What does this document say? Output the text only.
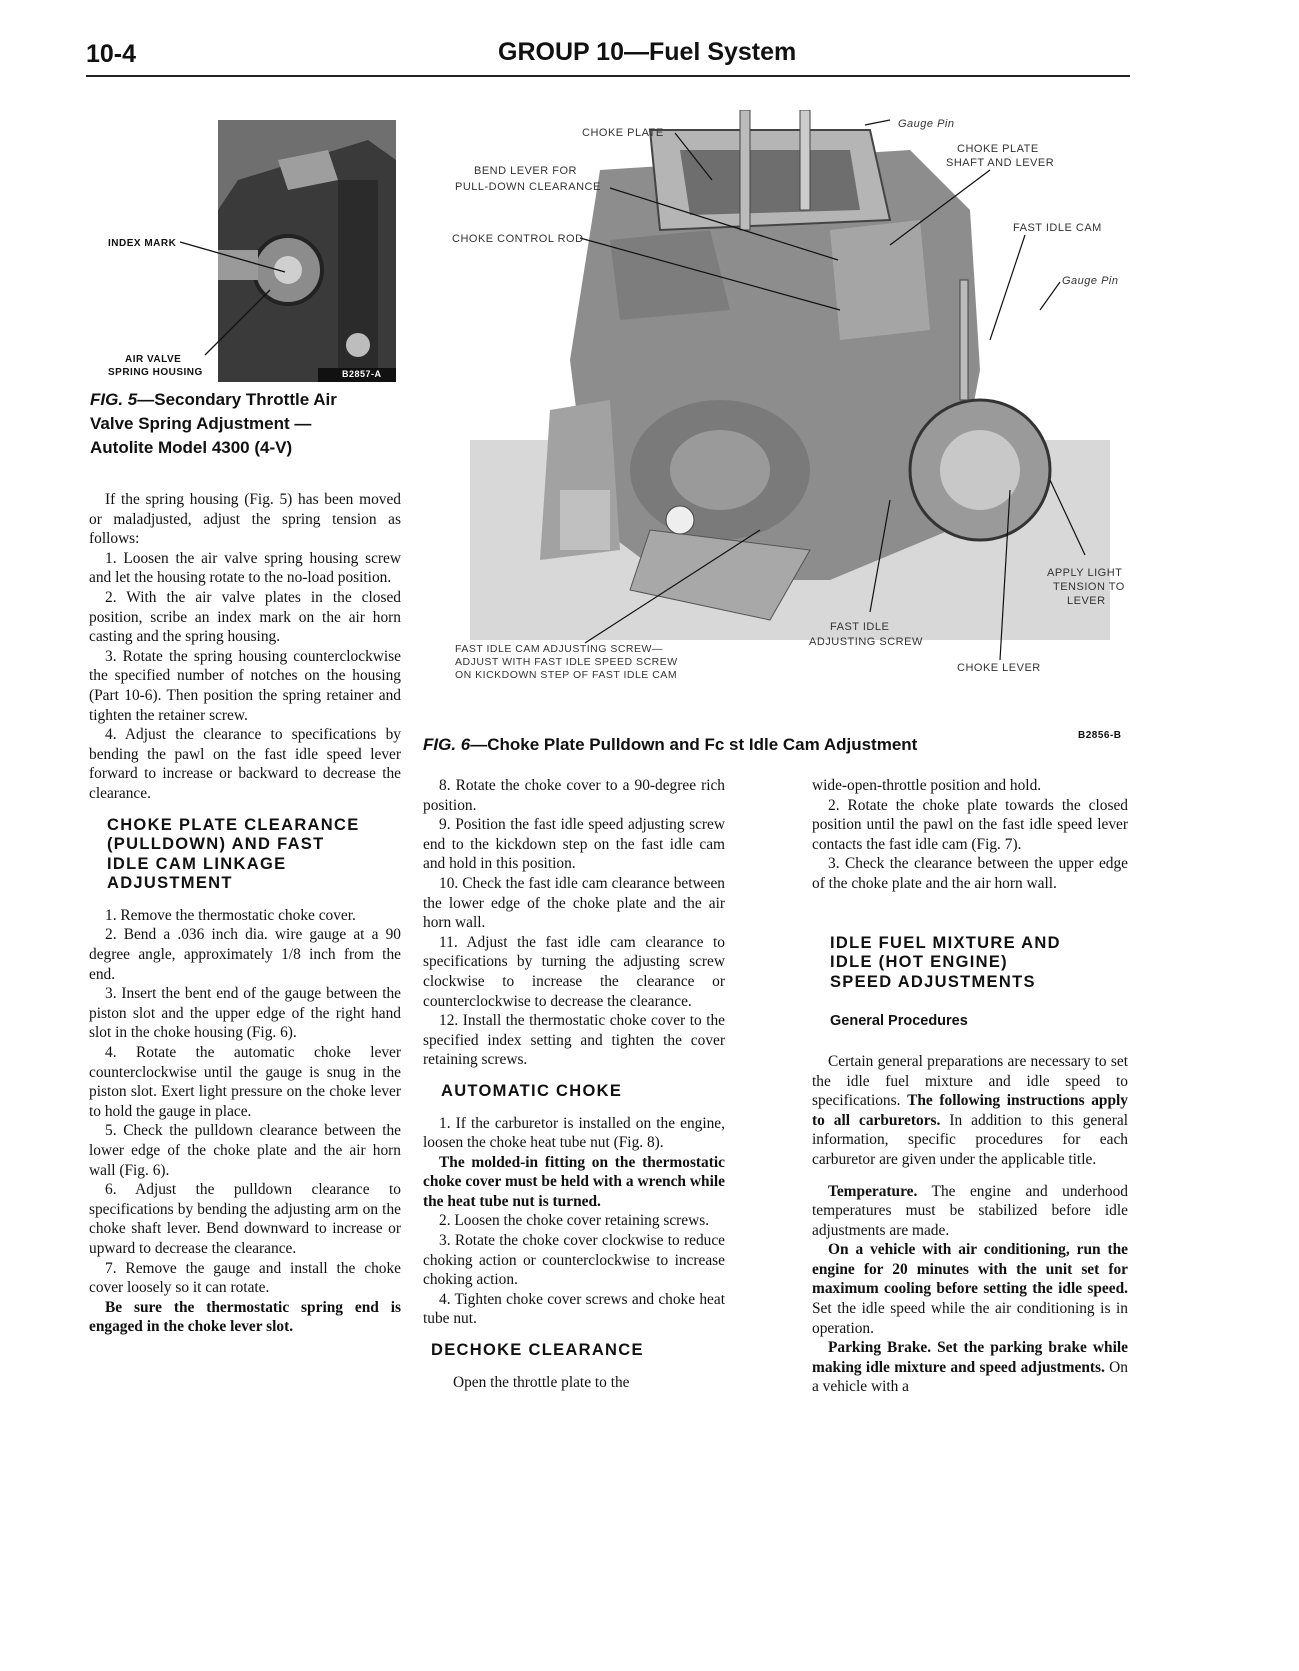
10-4	GROUP 10—Fuel System
INDEX MARK
AIR VALVE
SPRING HOUSING	B2857-A
FIG. 5—Secondary Throttle Air
Valve Spring Adjustment —
Autolite Model 4300 (4-V)
CHOKE PLATE
BEND LEVER FOR
PULL-DOWN CLEARANCE
CHOKE CONTROL ROD
Gauge Pin
CHOKE PLATE
SHAFT AND LEVER
FAST IDLE CAM
Gauge Pin
APPLY LIGHT
TENSION TO
LEVER
FAST IDLE
ADJUSTING SCREW
FAST IDLE CAM ADJUSTING SCREW—
ADJUST WITH FAST IDLE SPEED SCREW
ON KICKDOWN STEP OF FAST IDLE CAM
CHOKE LEVER
FIG. 6—Choke Plate Pulldown and Fc st Idle Cam Adjustment	B2856-B

If the spring housing (Fig. 5) has been moved or maladjusted, adjust the spring tension as follows:

1. Loosen the air valve spring housing screw and let the housing rotate to the no-load position.

2. With the air valve plates in the closed position, scribe an index mark on the air horn casting and the spring housing.

3. Rotate the spring housing counterclockwise the specified number of notches on the housing (Part 10-6). Then position the spring retainer and tighten the retainer screw.

4. Adjust the clearance to specifications by bending the pawl on the fast idle speed lever forward to increase or backward to decrease the clearance.

CHOKE PLATE CLEARANCE
(PULLDOWN) AND FAST
IDLE CAM LINKAGE
ADJUSTMENT

1. Remove the thermostatic choke cover.

2. Bend a .036 inch dia. wire gauge at a 90 degree angle, approximately 1/8 inch from the end.

3. Insert the bent end of the gauge between the piston slot and the upper edge of the right hand slot in the choke housing (Fig. 6).

4. Rotate the automatic choke lever counterclockwise until the gauge is snug in the piston slot. Exert light pressure on the choke lever to hold the gauge in place.

5. Check the pulldown clearance between the lower edge of the choke plate and the air horn wall (Fig. 6).

6. Adjust the pulldown clearance to specifications by bending the adjusting arm on the choke shaft lever. Bend downward to increase or upward to decrease the clearance.

7. Remove the gauge and install the choke cover loosely so it can rotate.

Be sure the thermostatic spring end is engaged in the choke lever slot.

8. Rotate the choke cover to a 90-degree rich position.

9. Position the fast idle speed adjusting screw end to the kickdown step on the fast idle cam and hold in this position.

10. Check the fast idle cam clearance between the lower edge of the choke plate and the air horn wall.

11. Adjust the fast idle cam clearance to specifications by turning the adjusting screw clockwise to increase the clearance or counterclockwise to decrease the clearance.

12. Install the thermostatic choke cover to the specified index setting and tighten the cover retaining screws.

AUTOMATIC CHOKE

1. If the carburetor is installed on the engine, loosen the choke heat tube nut (Fig. 8).

The molded-in fitting on the thermostatic choke cover must be held with a wrench while the heat tube nut is turned.

2. Loosen the choke cover retaining screws.

3. Rotate the choke cover clockwise to reduce choking action or counterclockwise to increase choking action.

4. Tighten choke cover screws and choke heat tube nut.

DECHOKE CLEARANCE

Open the throttle plate to the

wide-open-throttle position and hold.

2. Rotate the choke plate towards the closed position until the pawl on the fast idle speed lever contacts the fast idle cam (Fig. 7).

3. Check the clearance between the upper edge of the choke plate and the air horn wall.

IDLE FUEL MIXTURE AND
IDLE (HOT ENGINE)
SPEED ADJUSTMENTS
General Procedures

Certain general preparations are necessary to set the idle fuel mixture and idle speed to specifications. The following instructions apply to all carburetors. In addition to this general information, specific procedures for each carburetor are given under the applicable title.

Temperature. The engine and underhood temperatures must be stabilized before idle adjustments are made.

On a vehicle with air conditioning, run the engine for 20 minutes with the unit set for maximum cooling before setting the idle speed. Set the idle speed while the air conditioning is in operation.

Parking Brake. Set the parking brake while making idle mixture and speed adjustments. On a vehicle with a
